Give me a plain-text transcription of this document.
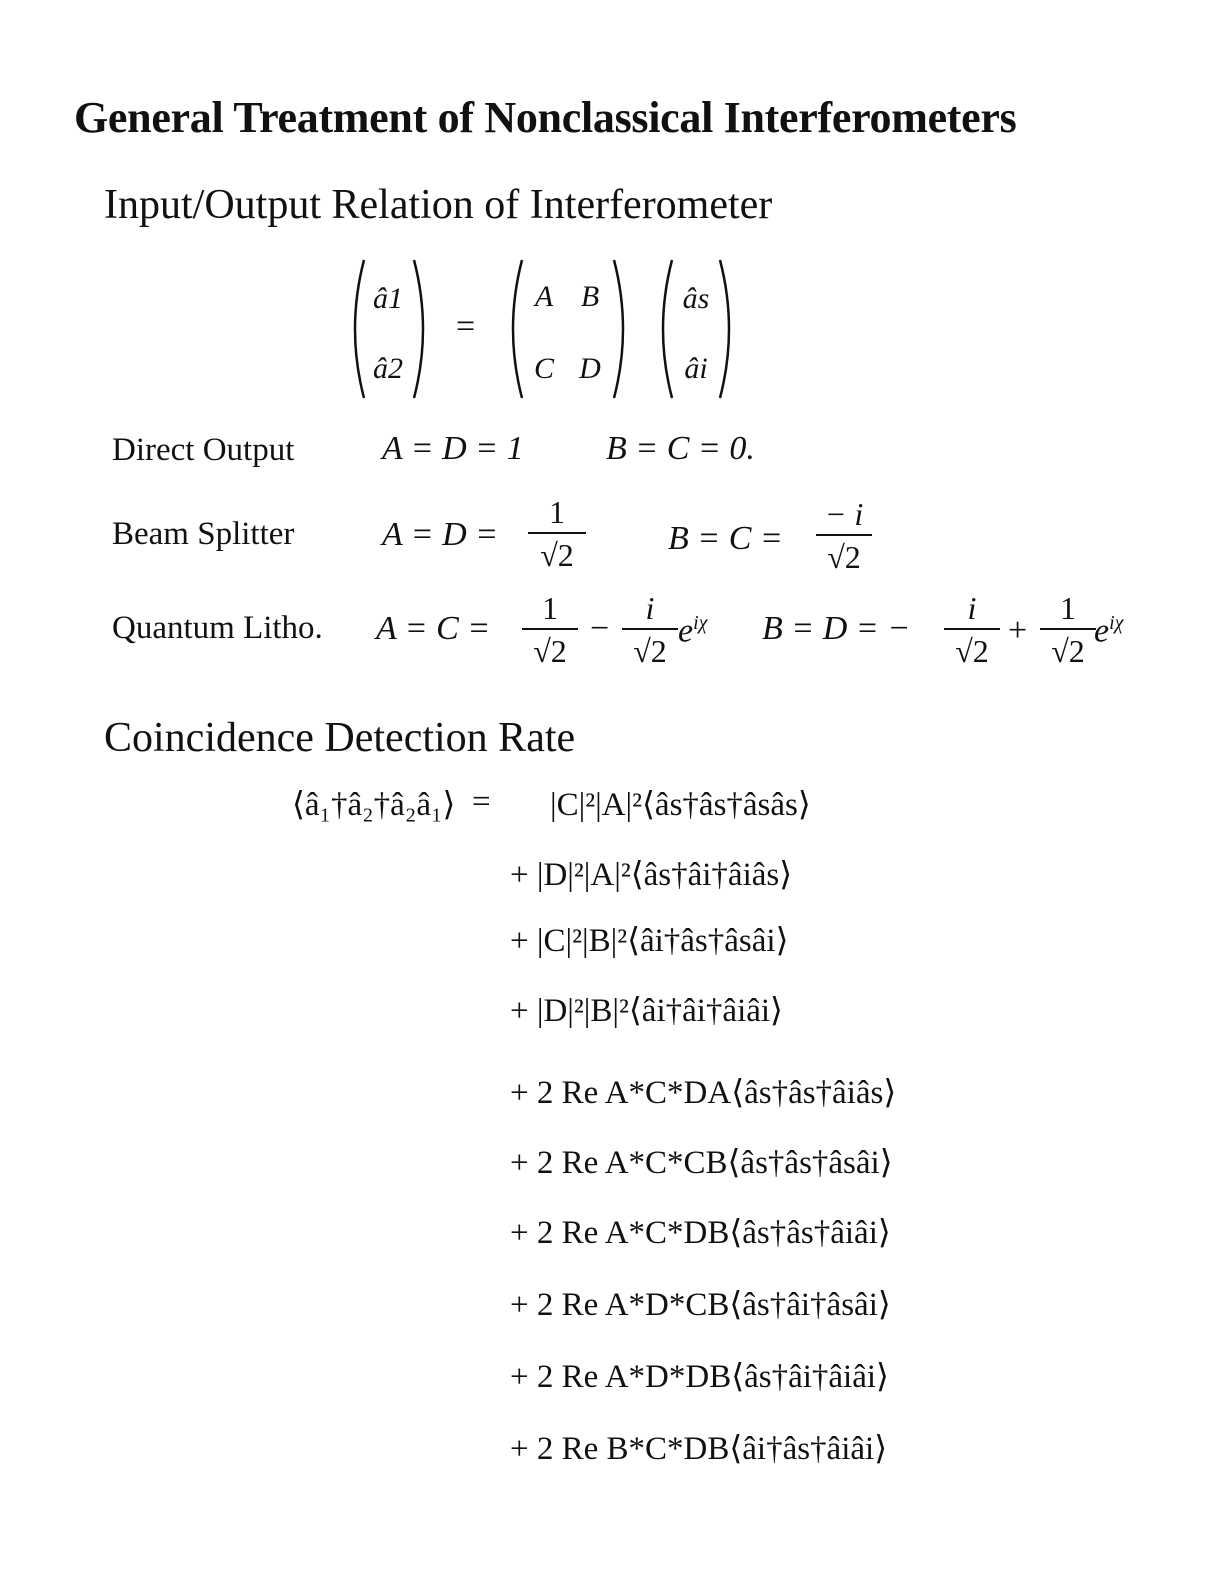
General Treatment of Nonclassical Interferometers
Input/Output Relation of Interferometer
â1
â2
=
A B
C D
âs
âi
Direct Output	A = D = 1 B = C = 0.
Beam Splitter	A = D =
1
√2	B = C =
− i
√2
Quantum Litho. A = C =
1
√2
−
i
√2
$e^{i\chi}$ B = D = −
i
√2
+
1
√2
$e^{i\chi}$
Coincidence Detection Rate
⟨â₁†â₂†â₂â₁⟩ = |C|²|A|²⟨âs†âs†âsâs⟩
+ |D|²|A|²⟨âs†âi†âiâs⟩
+ |C|²|B|²⟨âi†âs†âsâi⟩
+ |D|²|B|²⟨âi†âi†âiâi⟩
+ 2 Re A*C*DA⟨âs†âs†âiâs⟩
+ 2 Re A*C*CB⟨âs†âs†âsâi⟩
+ 2 Re A*C*DB⟨âs†âs†âiâi⟩
+ 2 Re A*D*CB⟨âs†âi†âsâi⟩
+ 2 Re A*D*DB⟨âs†âi†âiâi⟩
+ 2 Re B*C*DB⟨âi†âs†âiâi⟩
